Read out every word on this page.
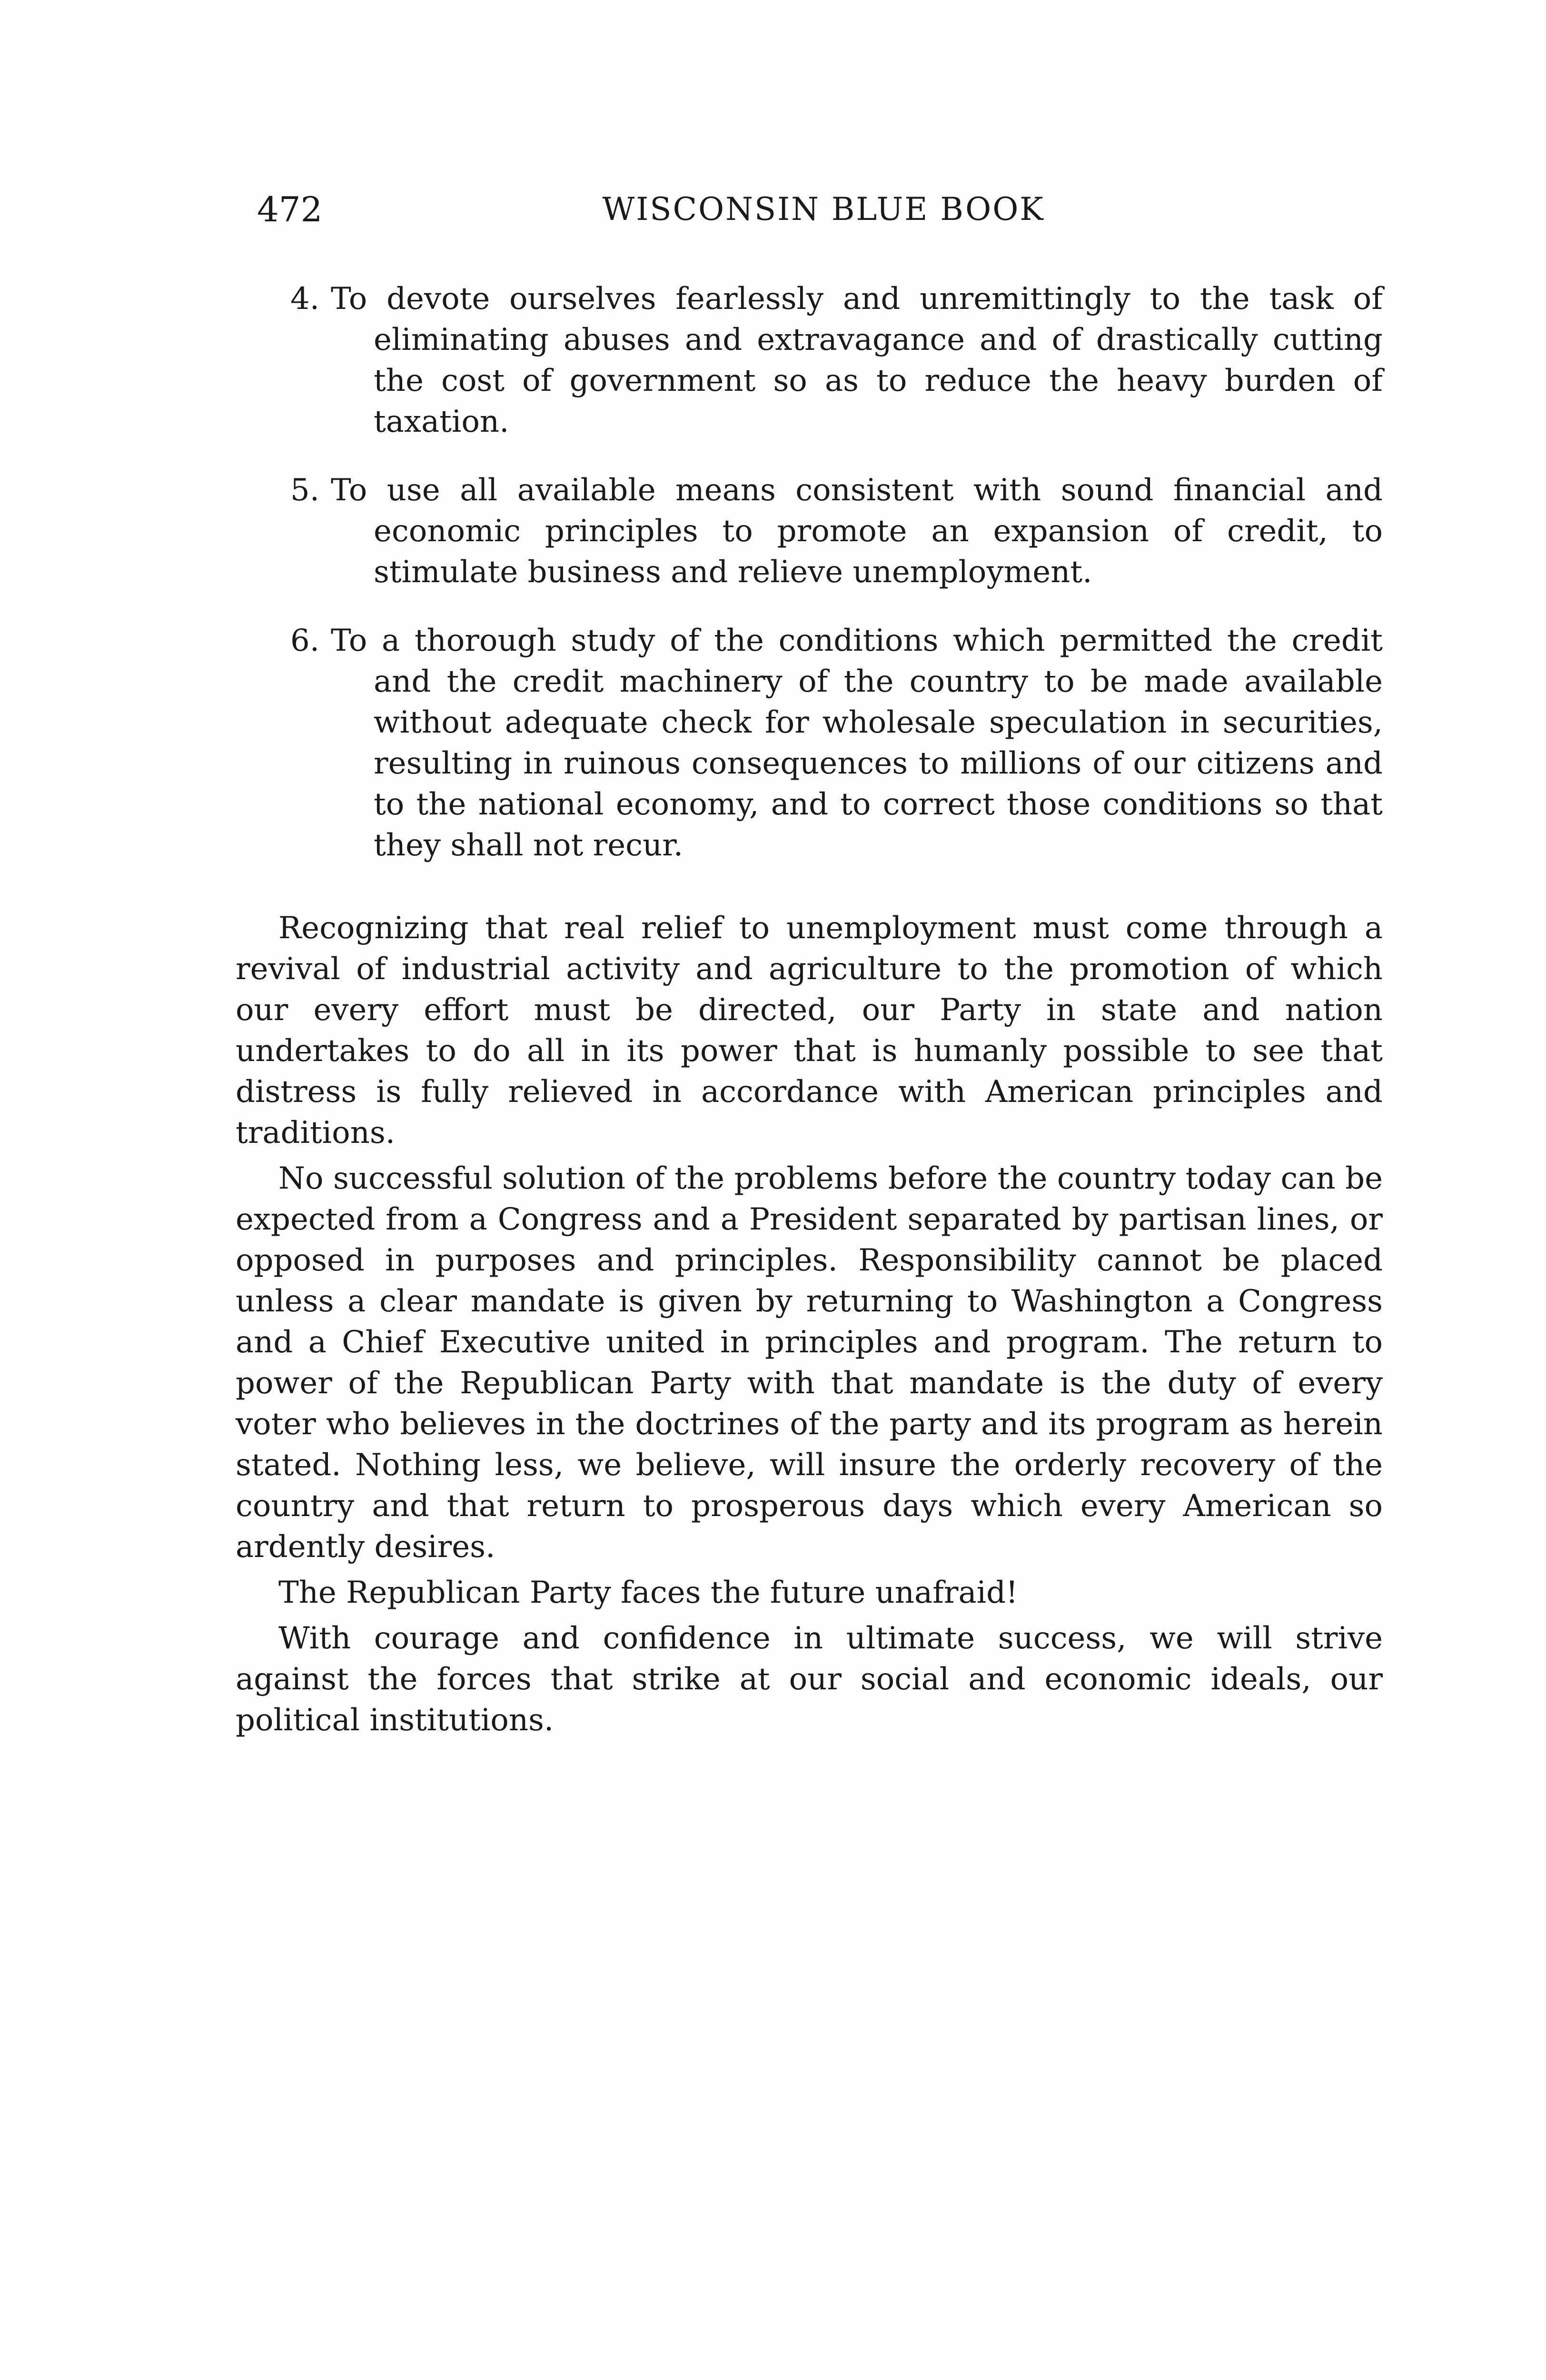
472	WISCONSIN BLUE BOOK
4. To devote ourselves fearlessly and unremittingly to the task of eliminating abuses and extravagance and of drastically cutting the cost of government so as to reduce the heavy burden of taxation.
5. To use all available means consistent with sound financial and economic principles to promote an expansion of credit, to stimulate business and relieve unemployment.
6. To a thorough study of the conditions which permitted the credit and the credit machinery of the country to be made available without adequate check for wholesale speculation in securities, resulting in ruinous consequences to millions of our citizens and to the national economy, and to correct those conditions so that they shall not recur.

Recognizing that real relief to unemployment must come through a revival of industrial activity and agriculture to the promotion of which our every effort must be directed, our Party in state and nation undertakes to do all in its power that is humanly possible to see that distress is fully relieved in accordance with American principles and traditions.

No successful solution of the problems before the country today can be expected from a Congress and a President separated by partisan lines, or opposed in purposes and principles. Responsibility cannot be placed unless a clear mandate is given by returning to Washington a Congress and a Chief Executive united in principles and program. The return to power of the Republican Party with that mandate is the duty of every voter who believes in the doctrines of the party and its program as herein stated. Nothing less, we believe, will insure the orderly recovery of the country and that return to prosperous days which every American so ardently desires.

The Republican Party faces the future unafraid!

With courage and confidence in ultimate success, we will strive against the forces that strike at our social and economic ideals, our political institutions.
